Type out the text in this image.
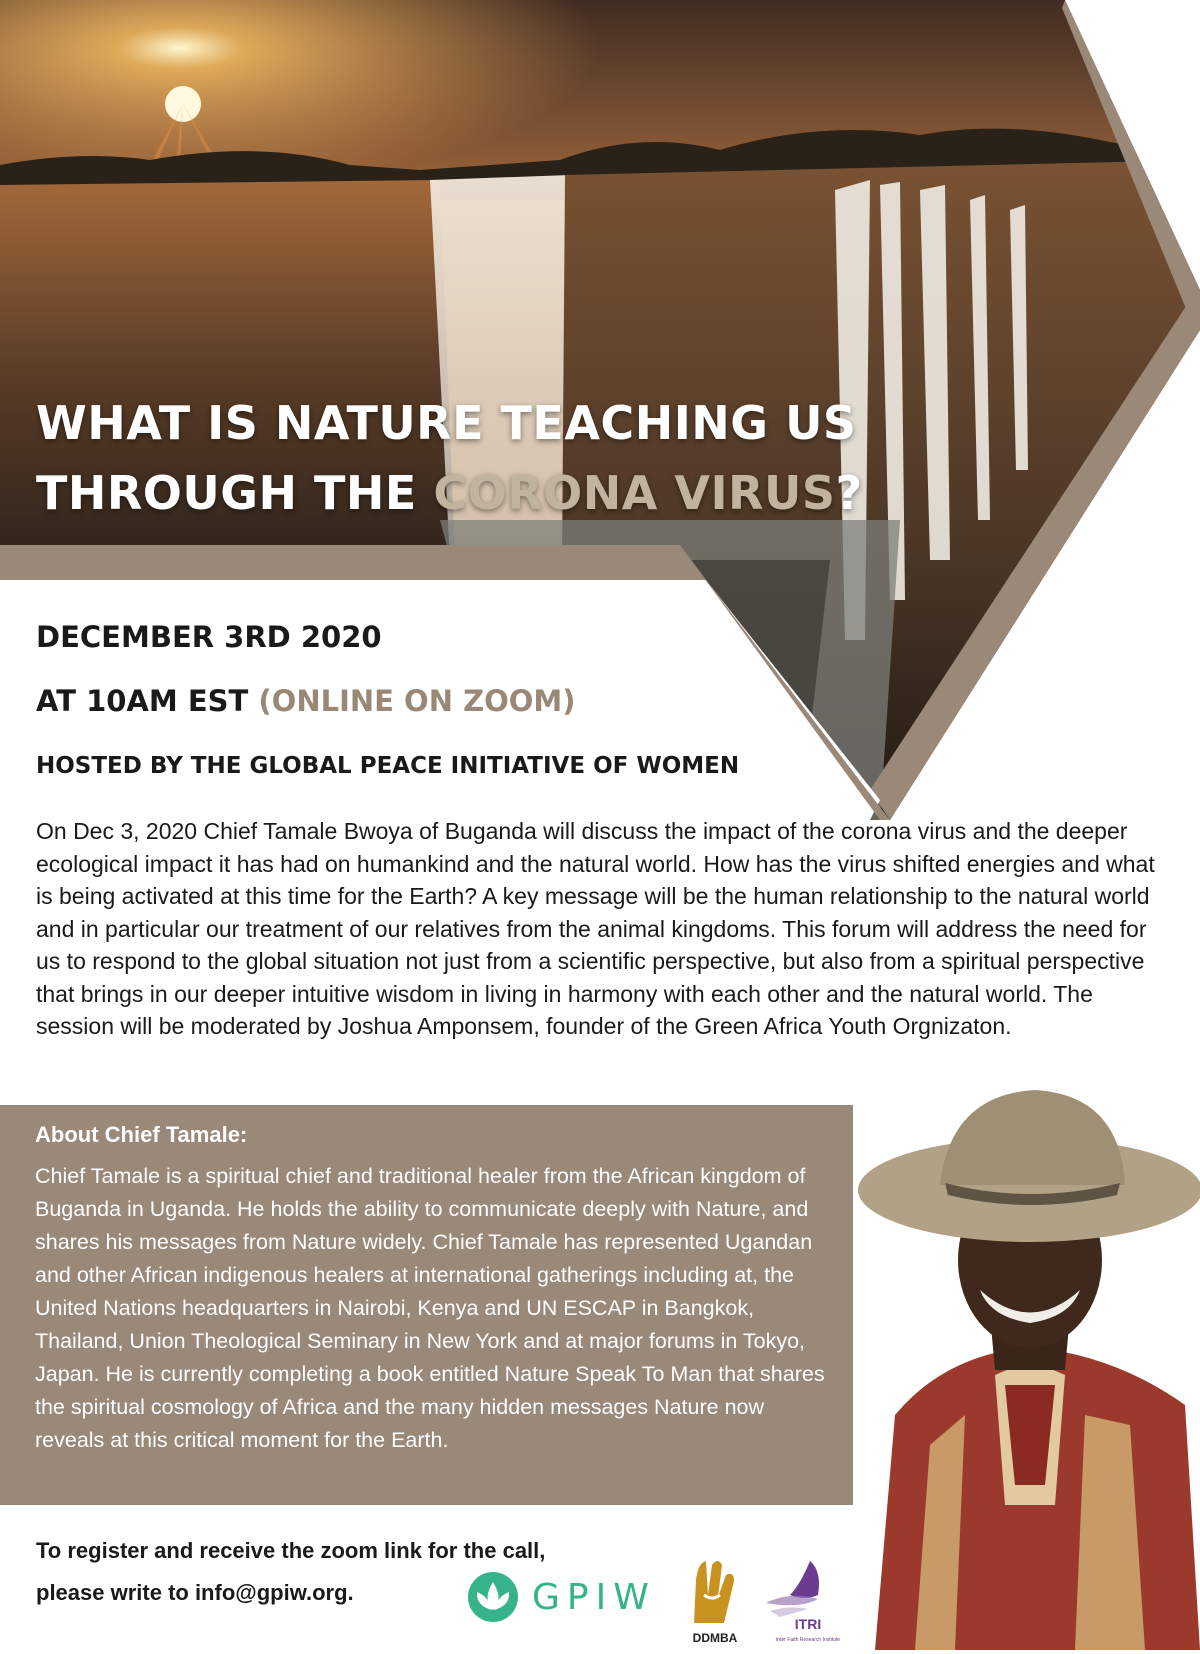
WHAT IS NATURE TEACHING US
THROUGH THE CORONA VIRUS?

DECEMBER 3RD 2020

AT 10AM EST (ONLINE ON ZOOM)

HOSTED BY THE GLOBAL PEACE INITIATIVE OF WOMEN

On Dec 3, 2020 Chief Tamale Bwoya of Buganda will discuss the impact of the corona virus and the deeper ecological impact it has had on humankind and the natural world. How has the virus shifted energies and what is being activated at this time for the Earth? A key message will be the human relationship to the natural world and in particular our treatment of our relatives from the animal kingdoms. This forum will address the need for us to respond to the global situation not just from a scientific perspective, but also from a spiritual perspective that brings in our deeper intuitive wisdom in living in harmony with each other and the natural world. The session will be moderated by Joshua Amponsem, founder of the Green Africa Youth Orgnizaton.

About Chief Tamale:

Chief Tamale is a spiritual chief and traditional healer from the African kingdom of Buganda in Uganda. He holds the ability to communicate deeply with Nature, and shares his messages from Nature widely. Chief Tamale has represented Ugandan and other African indigenous healers at international gatherings including at, the United Nations headquarters in Nairobi, Kenya and UN ESCAP in Bangkok, Thailand, Union Theological Seminary in New York and at major forums in Tokyo, Japan. He is currently completing a book entitled Nature Speak To Man that shares the spiritual cosmology of Africa and the many hidden messages Nature now reveals at this critical moment for the Earth.

To register and receive the zoom link for the call,
please write to info@gpiw.org.	GPIW
DDMBA
ITRI
Inter Faith Research Institute
